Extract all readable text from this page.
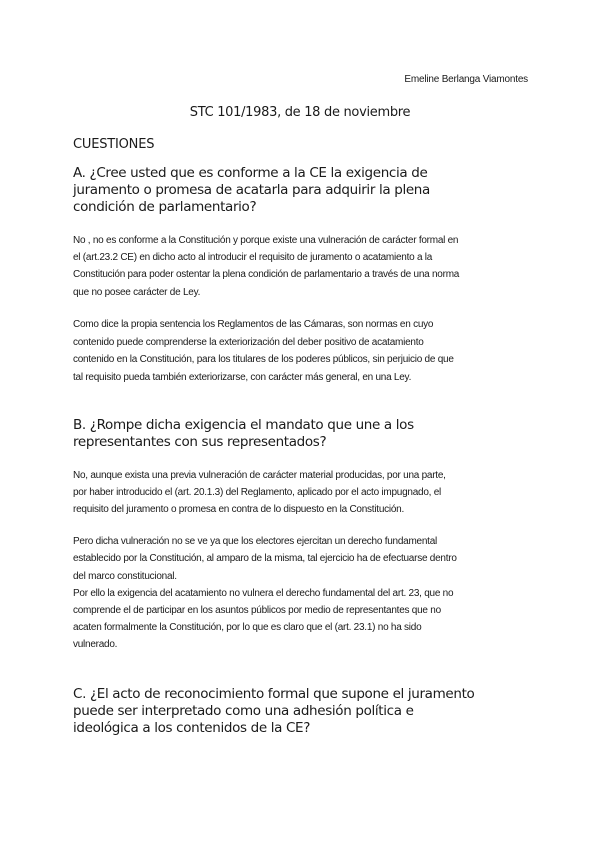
Emeline Berlanga Viamontes
STC 101/1983, de 18 de noviembre
CUESTIONES
A. ¿Cree usted que es conforme a la CE la exigencia de
juramento o promesa de acatarla para adquirir la plena
condición de parlamentario?
No , no es conforme a la Constitución y porque existe una vulneración de carácter formal en
el (art.23.2 CE) en dicho acto al introducir el requisito de juramento o acatamiento a la
Constitución para poder ostentar la plena condición de parlamentario a través de una norma
que no posee carácter de Ley.
Como dice la propia sentencia los Reglamentos de las Cámaras, son normas en cuyo
contenido puede comprenderse la exteriorización del deber positivo de acatamiento
contenido en la Constitución, para los titulares de los poderes públicos, sin perjuicio de que
tal requisito pueda también exteriorizarse, con carácter más general, en una Ley.
B. ¿Rompe dicha exigencia el mandato que une a los
representantes con sus representados?
No, aunque exista una previa vulneración de carácter material producidas, por una parte,
por haber introducido el (art. 20.1.3) del Reglamento, aplicado por el acto impugnado, el
requisito del juramento o promesa en contra de lo dispuesto en la Constitución.
Pero dicha vulneración no se ve ya que los electores ejercitan un derecho fundamental
establecido por la Constitución, al amparo de la misma, tal ejercicio ha de efectuarse dentro
del marco constitucional.
Por ello la exigencia del acatamiento no vulnera el derecho fundamental del art. 23, que no
comprende el de participar en los asuntos públicos por medio de representantes que no
acaten formalmente la Constitución, por lo que es claro que el (art. 23.1) no ha sido
vulnerado.
C. ¿El acto de reconocimiento formal que supone el juramento
puede ser interpretado como una adhesión política e
ideológica a los contenidos de la CE?
